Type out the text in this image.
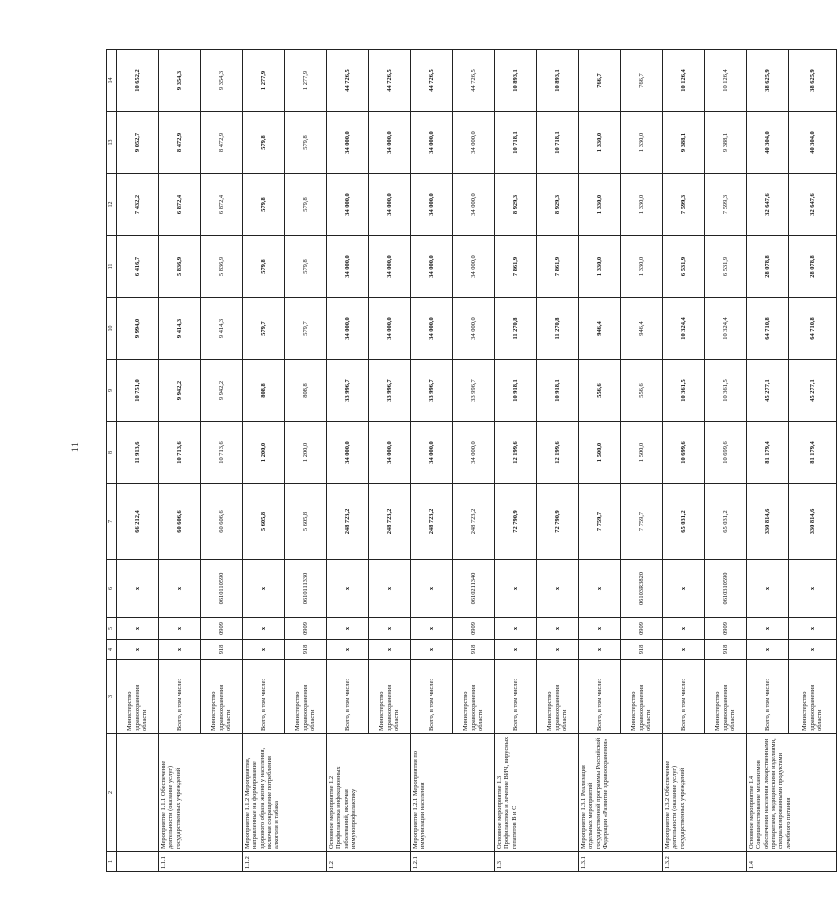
11
1	2	3	4	5	6	7	8	9	10	11	12	13	14
		Министерство здравоохранения области	x	x	x	66 212,4	11 913,6	10 751,0	9 994,0	6 416,7	7 432,2	9 052,7	10 652,2
1.1.1	Мероприятие 1.1.1 Обеспечение деятельности (оказание услуг) государственных учреждений	Всего, в том числе:	x	x	x	60 606,6	10 713,6	9 942,2	9 414,3	5 836,9	6 872,4	8 472,9	9 354,3
		Министерство здравоохранения области	918	0909	0610110590	60 606,6	10 713,6	9 942,2	9 414,3	5 836,9	6 872,4	8 472,9	9 354,3
1.1.2	Мероприятие 1.1.2 Мероприятия, направленные на формирование здорового образа жизни у населения, включая сокращение потребления алкоголя и табака	Всего, в том числе:	x	x	x	5 605,8	1 200,0	808,8	579,7	579,8	579,8	579,8	1 277,9
		Министерство здравоохранения области	918	0909	0610111330	5 605,8	1 200,0	808,8	579,7	579,8	579,8	579,8	1 277,9
1.2	Основное мероприятие 1.2 Профилактика инфекционных заболеваний, включая иммунопрофилактику	Всего, в том числе:	x	x	x	248 723,2	34 000,0	33 996,7	34 000,0	34 000,0	34 000,0	34 000,0	44 726,5
		Министерство здравоохранения области	x	x	x	248 723,2	34 000,0	33 996,7	34 000,0	34 000,0	34 000,0	34 000,0	44 726,5
1.2.1	Мероприятие 1.2.1 Мероприятия по иммунизации населения	Всего, в том числе:	x	x	x	248 723,2	34 000,0	33 996,7	34 000,0	34 000,0	34 000,0	34 000,0	44 726,5
		Министерство здравоохранения области	918	0909	0610211340	248 723,2	34 000,0	33 996,7	34 000,0	34 000,0	34 000,0	34 000,0	44 726,5
1.3	Основное мероприятие 1.3 Профилактика и лечение ВИЧ, вирусных гепатитов В и С	Всего, в том числе:	x	x	x	72 790,9	12 199,6	10 918,1	11 270,8	7 861,9	8 929,3	10 718,1	10 893,1
		Министерство здравоохранения области	x	x	x	72 790,9	12 199,6	10 918,1	11 270,8	7 861,9	8 929,3	10 718,1	10 893,1
1.3.1	Мероприятие 1.3.1 Реализация отдельных мероприятий государственной программы Российской Федерации «Развитие здравоохранения»	Всего, в том числе:	x	x	x	7 759,7	1 500,0	556,6	946,4	1 330,0	1 330,0	1 330,0	766,7
		Министерство здравоохранения области	918	0909	06103R3820	7 759,7	1 500,0	556,6	946,4	1 330,0	1 330,0	1 330,0	766,7
1.3.2	Мероприятие 1.3.2 Обеспечение деятельности (оказание услуг) государственных учреждений	Всего, в том числе:	x	x	x	65 031,2	10 699,6	10 361,5	10 324,4	6 531,9	7 599,3	9 388,1	10 126,4
		Министерство здравоохранения области	918	0909	0610310590	65 031,2	10 699,6	10 361,5	10 324,4	6 531,9	7 599,3	9 388,1	10 126,4
1.4	Основное мероприятие 1.4 Совершенствование механизмов обеспечения населения лекарственными препаратами, медицинскими изделиями, специализированными продуктами лечебного питания	Всего, в том числе:	x	x	x	330 814,6	81 179,4	45 277,1	64 710,8	28 078,8	32 647,6	40 304,0	38 625,9
		Министерство здравоохранения области	x	x	x	330 814,6	81 179,4	45 277,1	64 710,8	28 078,8	32 647,6	40 304,0	38 625,9
